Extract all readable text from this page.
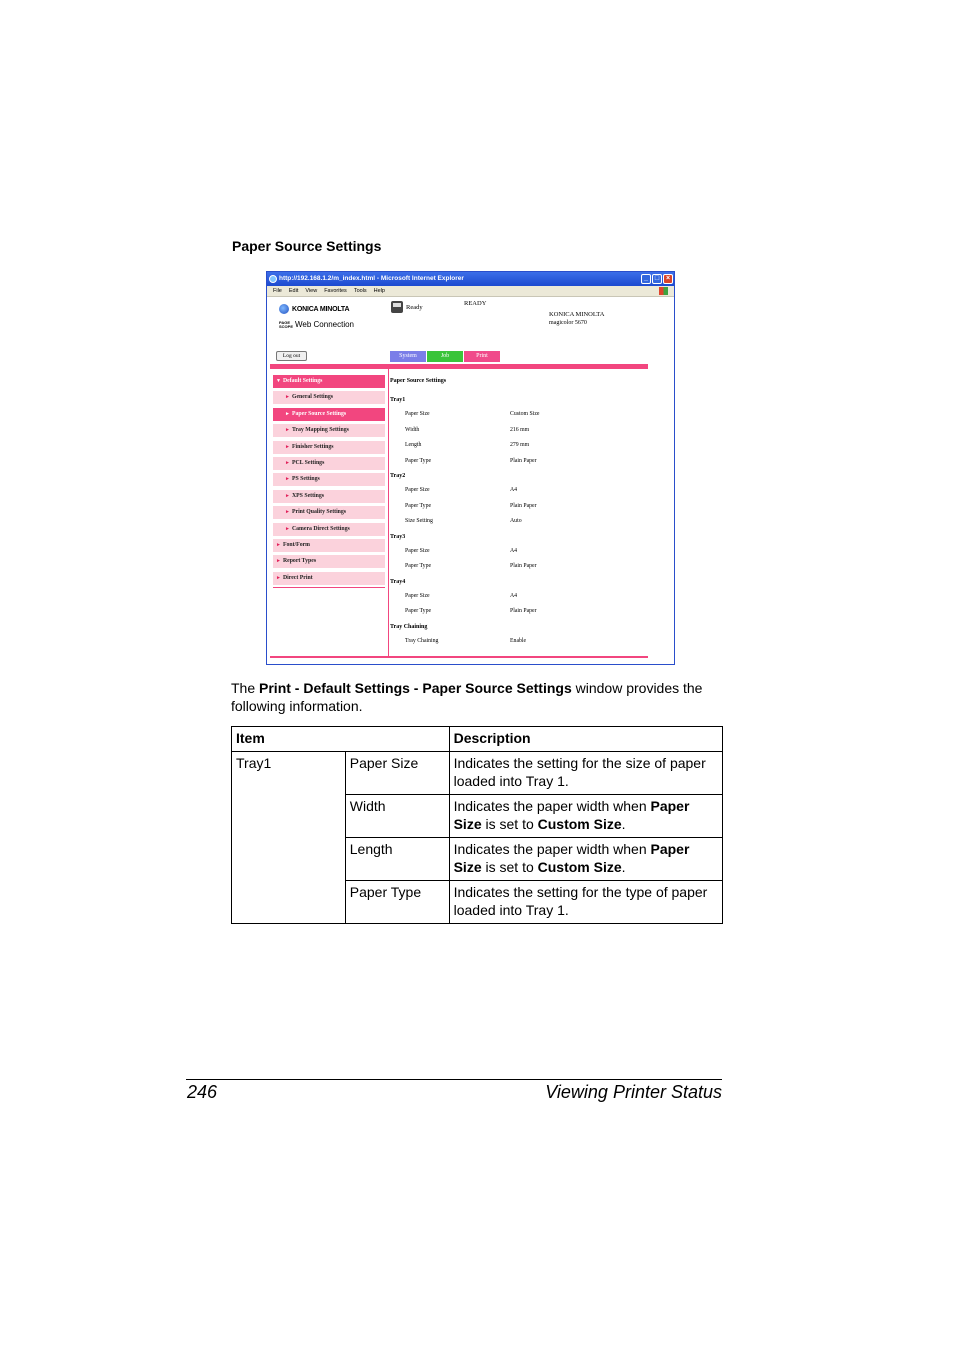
Paper Source Settings
http://192.168.1.2/m_index.html - Microsoft Internet Explorer	_ □ ×
File Edit View Favorites Tools Help
KONICA MINOLTA
PAGE SCOPE Web Connection
Ready
READY
KONICA MINOLTA
magicolor 5670
Log out	System	Job	Print
▼ Default Settings
► General Settings
► Paper Source Settings
► Tray Mapping Settings
► Finisher Settings
► PCL Settings
► PS Settings
► XPS Settings
► Print Quality Settings
► Camera Direct Settings
► Font/Form
► Report Types
► Direct Print
Paper Source Settings
Tray1
Paper Size	Custom Size
Width	216 mm
Length	279 mm
Paper Type	Plain Paper
Tray2
Paper Size	A4
Paper Type	Plain Paper
Size Setting	Auto
Tray3
Paper Size	A4
Paper Type	Plain Paper
Tray4
Paper Size	A4
Paper Type	Plain Paper
Tray Chaining
Tray Chaining	Enable
The Print - Default Settings - Paper Source Settings window provides the following information.
Item		Description
Tray1	Paper Size	Indicates the setting for the size of paper loaded into Tray 1.
	Width	Indicates the paper width when Paper Size is set to Custom Size.
	Length	Indicates the paper width when Paper Size is set to Custom Size.
	Paper Type	Indicates the setting for the type of paper loaded into Tray 1.
246	Viewing Printer Status
